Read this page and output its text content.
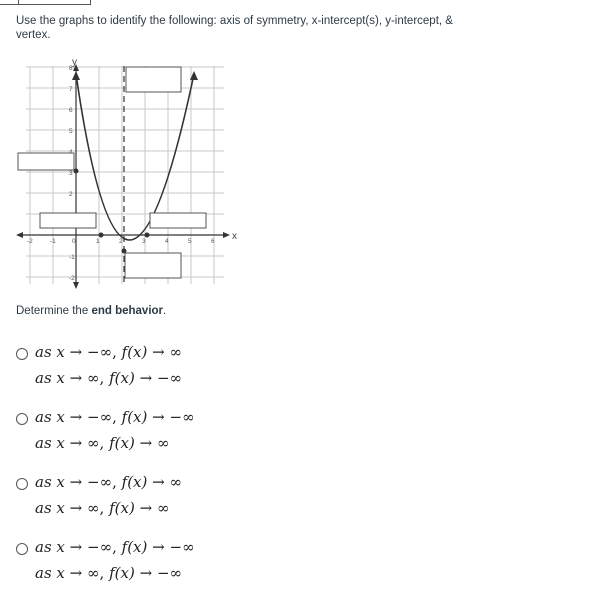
Use the graphs to identify the following: axis of symmetry, x-intercept(s), y-intercept, & vertex.
x
y
-2	-1 0	1	2	3	4	5	6
-2
-1
2
3
5
6
7
8
Determine the end behavior.
as x → −∞, f(x) → ∞
as x → ∞, f(x) → −∞
as x → −∞, f(x) → −∞
as x → ∞, f(x) → ∞
as x → −∞, f(x) → ∞
as x → ∞, f(x) → ∞
as x → −∞, f(x) → −∞
as x → ∞, f(x) → −∞
